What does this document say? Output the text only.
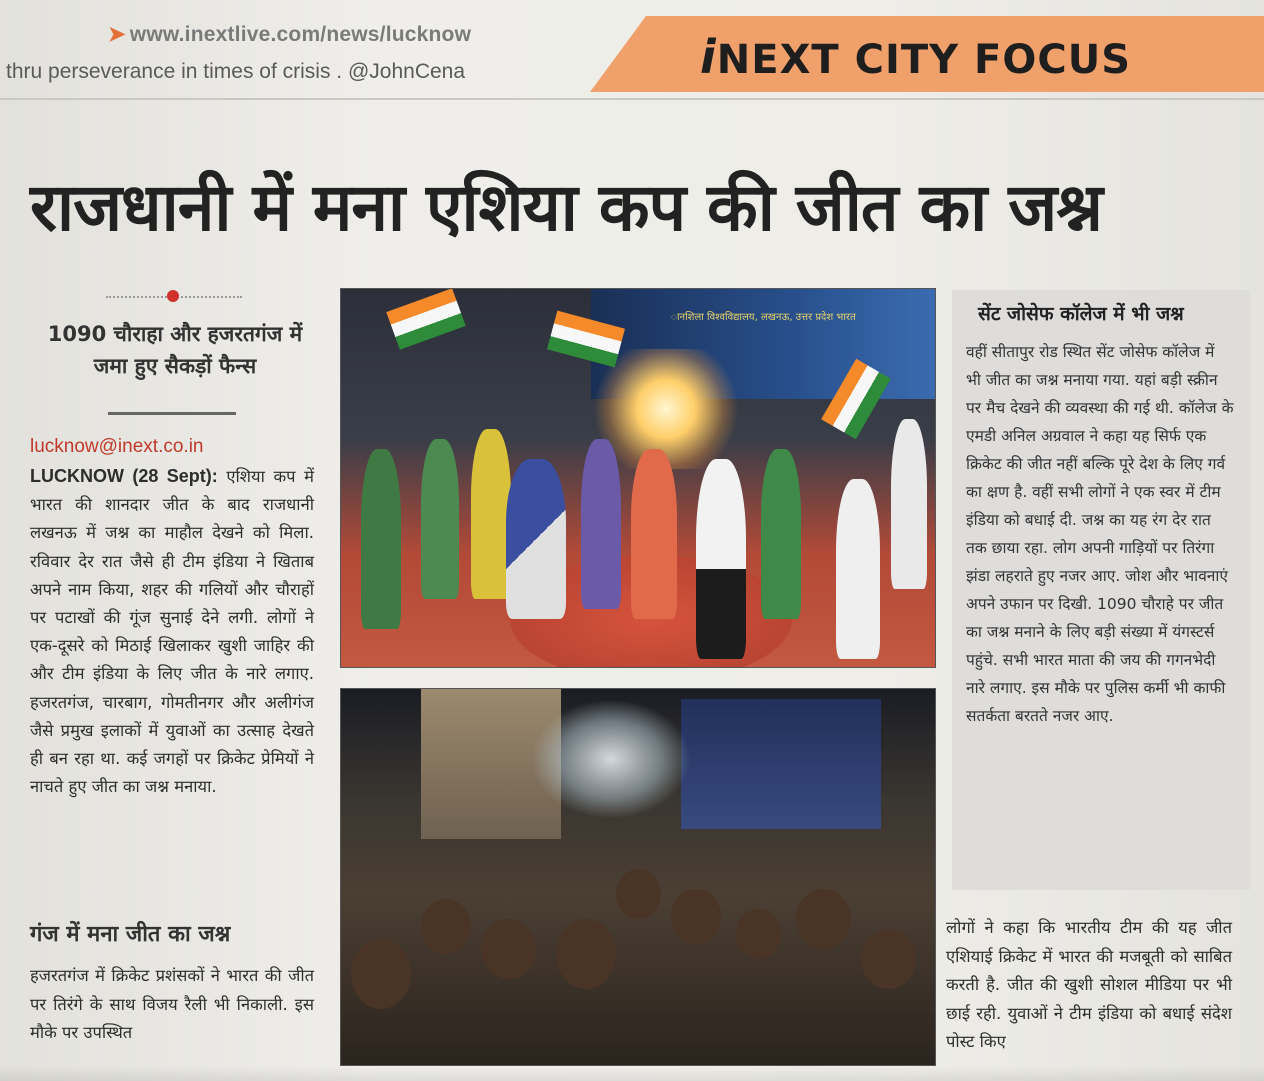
➤ www.inextlive.com/news/lucknow
thru perseverance in times of crisis . @JohnCena	iNEXT CITY FOCUS
राजधानी में मना एशिया कप की जीत का जश्न
1090 चौराहा और हजरतगंज में जमा हुए सैकड़ों फैन्स
lucknow@inext.co.in
LUCKNOW (28 Sept): एशिया कप में भारत की शानदार जीत के बाद राजधानी लखनऊ में जश्न का माहौल देखने को मिला. रविवार देर रात जैसे ही टीम इंडिया ने खिताब अपने नाम किया, शहर की गलियों और चौराहों पर पटाखों की गूंज सुनाई देने लगी. लोगों ने एक-दूसरे को मिठाई खिलाकर खुशी जाहिर की और टीम इंडिया के लिए जीत के नारे लगाए. हजरतगंज, चारबाग, गोमतीनगर और अलीगंज जैसे प्रमुख इलाकों में युवाओं का उत्साह देखते ही बन रहा था. कई जगहों पर क्रिकेट प्रेमियों ने नाचते हुए जीत का जश्न मनाया.
गंज में मना जीत का जश्न
हजरतगंज में क्रिकेट प्रशंसकों ने भारत की जीत पर तिरंगे के साथ विजय रैली भी निकाली. इस मौके पर उपस्थित
ानशिला विश्वविद्यालय, लखनऊ, उत्तर प्रदेश भारत	सेंट जोसेफ कॉलेज में भी जश्न
वहीं सीतापुर रोड स्थित सेंट जोसेफ कॉलेज में भी जीत का जश्न मनाया गया. यहां बड़ी स्क्रीन पर मैच देखने की व्यवस्था की गई थी. कॉलेज के एमडी अनिल अग्रवाल ने कहा यह सिर्फ एक क्रिकेट की जीत नहीं बल्कि पूरे देश के लिए गर्व का क्षण है. वहीं सभी लोगों ने एक स्वर में टीम इंडिया को बधाई दी. जश्न का यह रंग देर रात तक छाया रहा. लोग अपनी गाड़ियों पर तिरंगा झंडा लहराते हुए नजर आए. जोश और भावनाएं अपने उफान पर दिखी. 1090 चौराहे पर जीत का जश्न मनाने के लिए बड़ी संख्या में यंगस्टर्स पहुंचे. सभी भारत माता की जय की गगनभेदी नारे लगाए. इस मौके पर पुलिस कर्मी भी काफी सतर्कता बरतते नजर आए.
लोगों ने कहा कि भारतीय टीम की यह जीत एशियाई क्रिकेट में भारत की मजबूती को साबित करती है. जीत की खुशी सोशल मीडिया पर भी छाई रही. युवाओं ने टीम इंडिया को बधाई संदेश पोस्ट किए
